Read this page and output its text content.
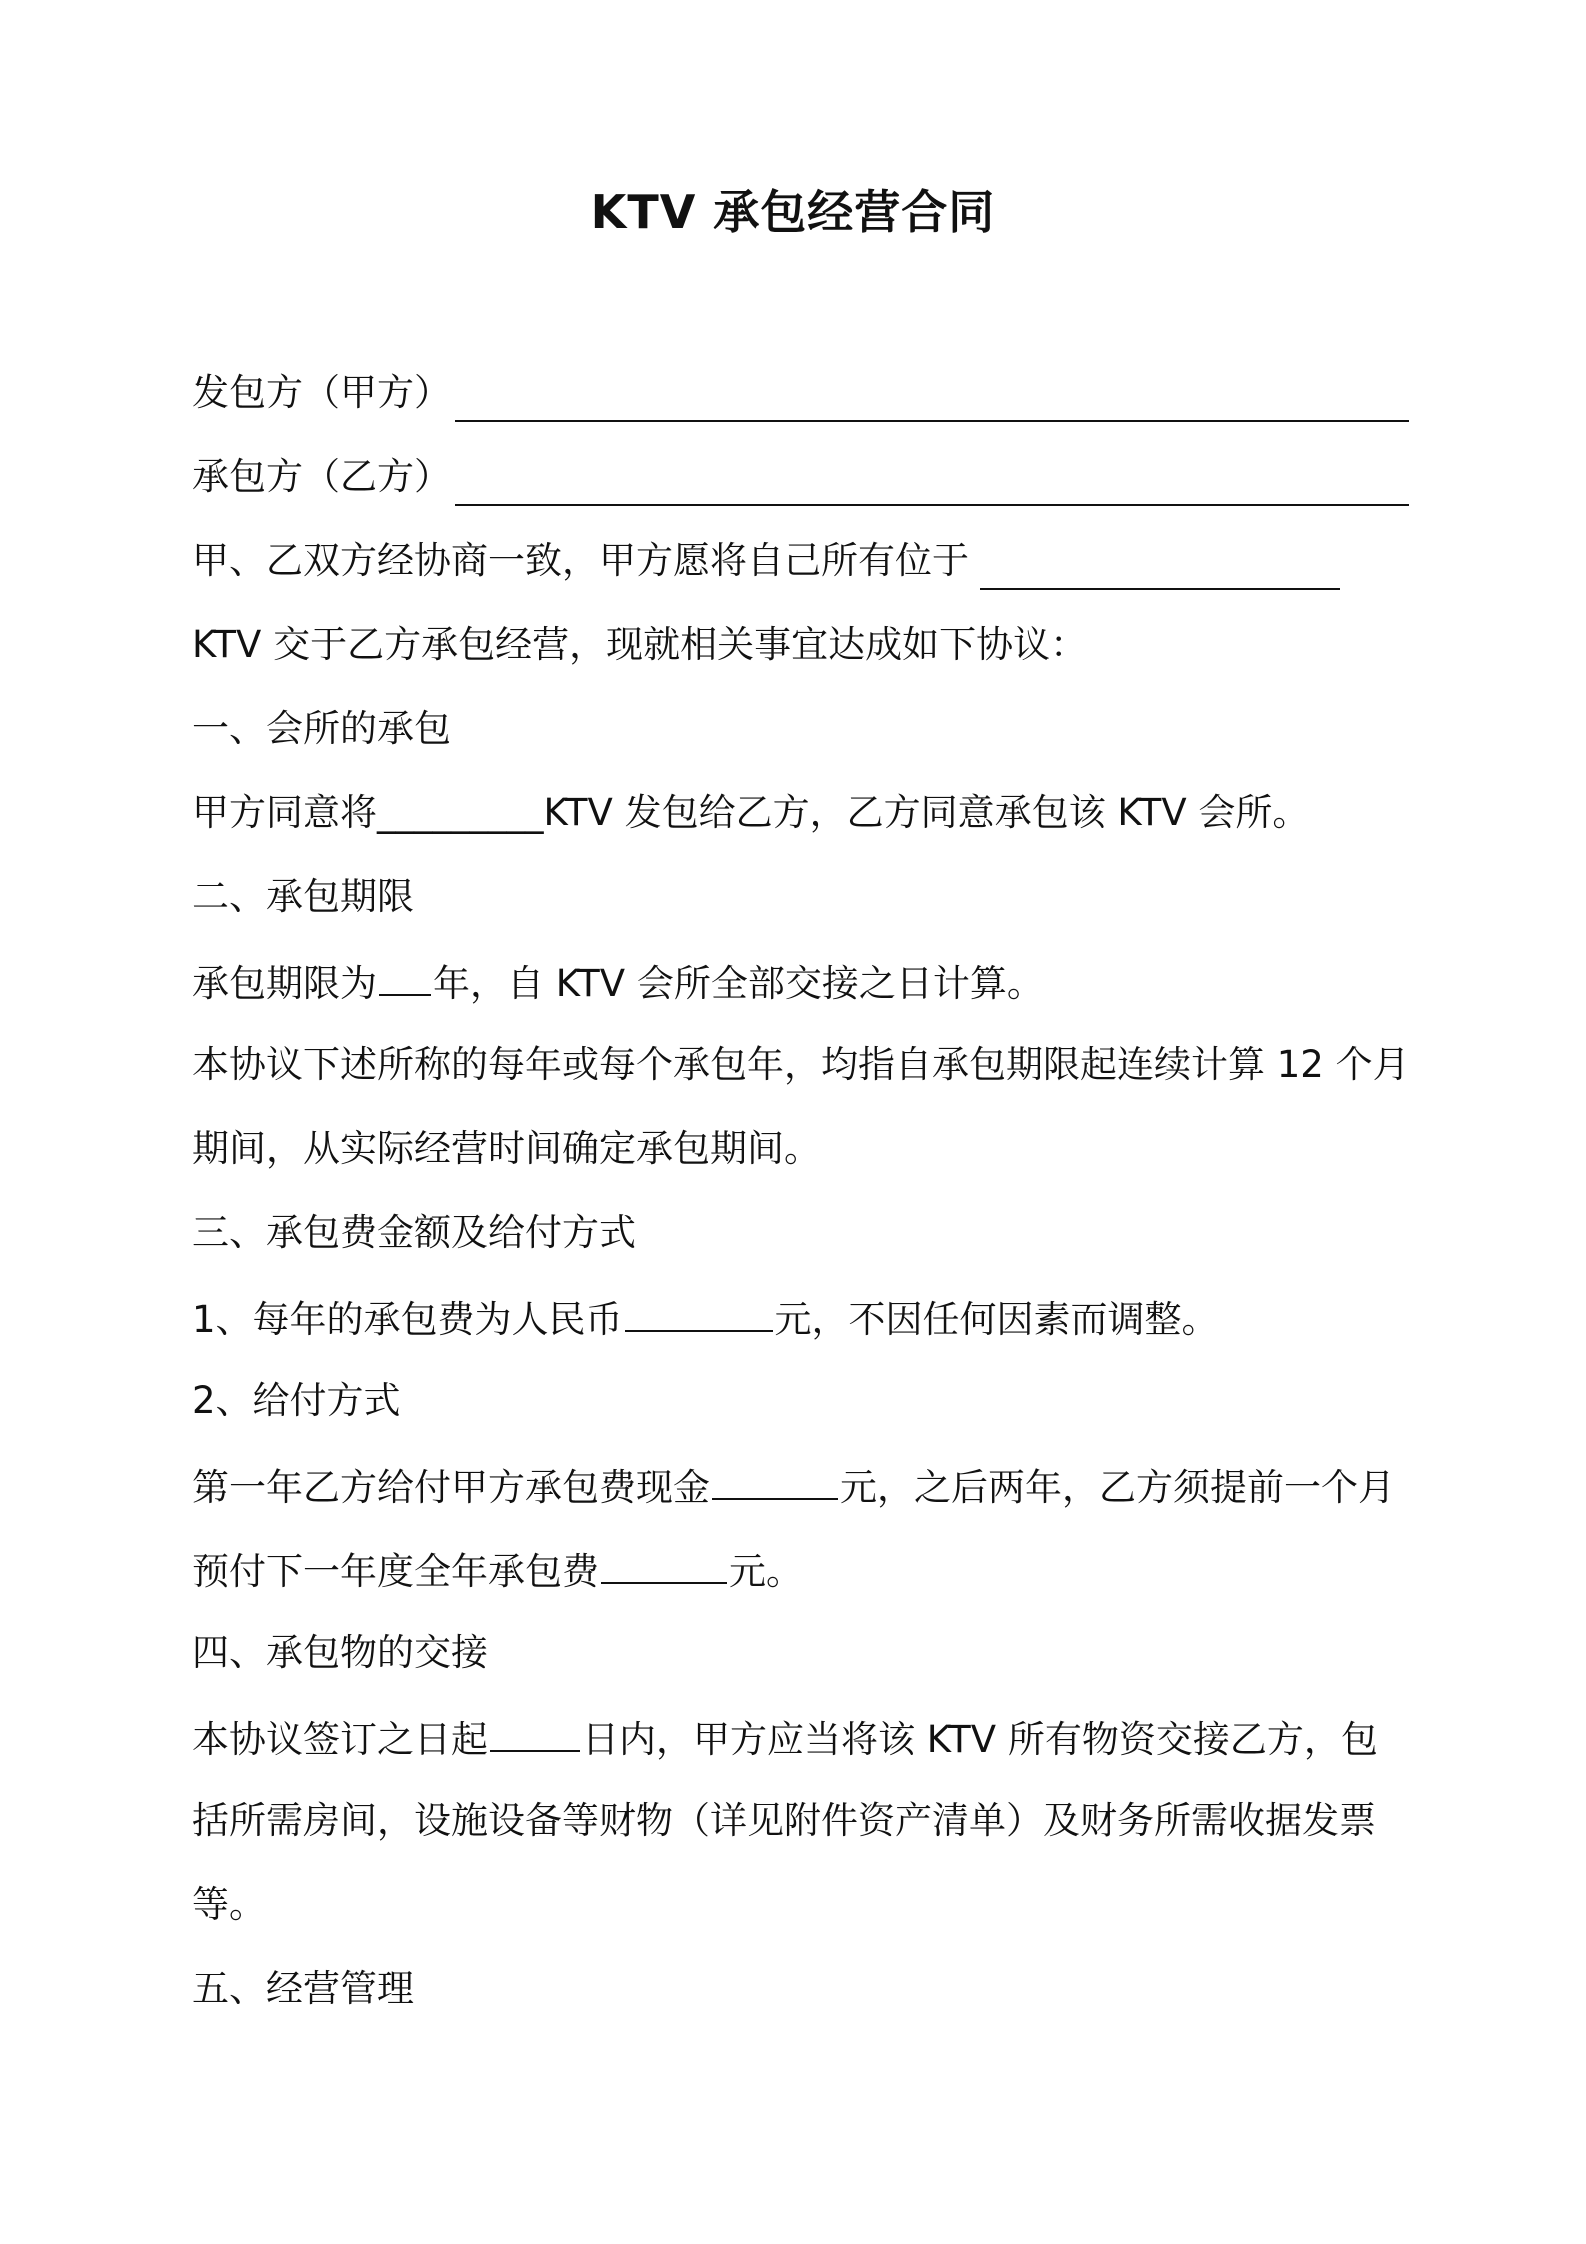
KTV 承包经营合同
发包方（甲方）
承包方（乙方）
甲、乙双方经协商一致，甲方愿将自己所有位于
KTV 交于乙方承包经营，现就相关事宜达成如下协议：
一、会所的承包
甲方同意将_________KTV 发包给乙方，乙方同意承包该 KTV 会所。
二、承包期限
承包期限为 年，自 KTV 会所全部交接之日计算。
本协议下述所称的每年或每个承包年，均指自承包期限起连续计算 12 个月
期间，从实际经营时间确定承包期间。
三、承包费金额及给付方式
1、每年的承包费为人民币	元，不因任何因素而调整。
2、给付方式
第一年乙方给付甲方承包费现金	元，之后两年，乙方须提前一个月
预付下一年度全年承包费	元。
四、承包物的交接
本协议签订之日起	日内，甲方应当将该 KTV 所有物资交接乙方，包
括所需房间，设施设备等财物（详见附件资产清单）及财务所需收据发票
等。
五、经营管理
